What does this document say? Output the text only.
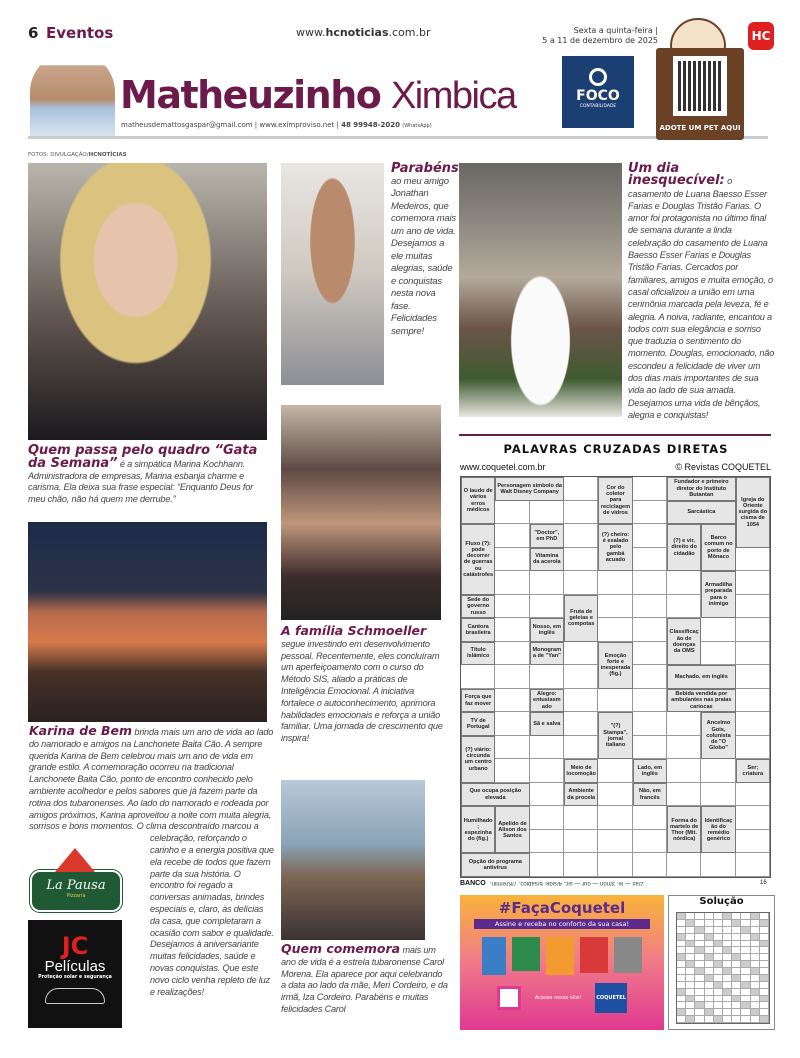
6 Eventos	www.hcnoticias.com.br	Sexta a quinta-feira |
5 a 11 de dezembro de 2025	HC
Matheuzinho Ximbica
matheusdemattosgaspar@gmail.com | www.eximproviso.net | 48 99948-2020 (WhatsApp)
FOCO
CONTABILIDADE
ADOTE UM PET AQUI
FOTOS: DIVULGAÇÃO/HCNOTÍCIAS
Quem passa pelo quadro “Gata da Semana” é a simpática Marina Kochhann. Administradora de empresas, Marina esbanja charme e carisma. Ela deixa sua frase especial: “Enquanto Deus for meu chão, não há quem me derrube.”
La Pausa
Pizzaria
JC
Películas
Proteção solar e segurança
Karina de Bem brinda mais um ano de vida ao lado do namorado e amigos na Lanchonete Baita Cão. A sempre querida Karina de Bem celebrou mais um ano de vida em grande estilo. A comemoração ocorreu na tradicional Lanchonete Baita Cão, ponto de encontro conhecido pelo ambiente acolhedor e pelos sabores que já fazem parte da rotina dos tubaronenses. Ao lado do namorado e rodeada por amigos próximos, Karina aproveitou a noite com muita alegria, sorrisos e bons momentos. O clima descontraído marcou a celebração, reforçando o carinho e a energia positiva que ela recebe de todos que fazem parte da sua história. O encontro foi regado a conversas animadas, brindes especiais e, claro, às delícias da casa, que completaram a ocasião com sabor e qualidade. Desejamos à aniversariante muitas felicidades, saúde e novas conquistas. Que este novo ciclo venha repleto de luz e realizações!
Parabéns
ao meu amigo Jonathan Medeiros, que comemora mais um ano de vida. Desejamos a ele muitas alegrias, saúde e conquistas nesta nova fase. Felicidades sempre!
A família Schmoeller segue investindo em desenvolvimento pessoal. Recentemente, eles concluíram um aperfeiçoamento com o curso do Método SIS, aliado a práticas de Inteligência Emocional. A iniciativa fortalece o autoconhecimento, aprimora habilidades emocionais e reforça a união familiar. Uma jornada de crescimento que inspira!
Quem comemora mais um ano de vida é a estrela tubaronense Carol Morena. Ela aparece por aqui celebrando a data ao lado da mãe, Meri Cordeiro, e da irmã, Iza Cordeiro. Parabéns e muitas felicidades Carol
Um dia inesquecível: o casamento de Luana Baesso Esser Farias e Douglas Tristão Farias. O amor foi protagonista no último final de semana durante a linda celebração do casamento de Luana Baesso Esser Farias e Douglas Tristão Farias. Cercados por familiares, amigos e muita emoção, o casal oficializou a união em uma cerimônia marcada pela leveza, fé e alegria. A noiva, radiante, encantou a todos com sua elegância e sorriso que traduzia o sentimento do momento. Douglas, emocionado, não escondeu a felicidade de viver um dos dias mais importantes de sua vida ao lado de sua amada. Desejamos uma vida de bênçãos, alegria e conquistas!
PALAVRAS CRUZADAS DIRETAS
www.coquetel.com.br	© Revistas COQUETEL
O laudo de vários erros médicos
Personagem símbolo da Walt Disney Company
Cor do coletor para reciclagem de vidros
Fundador e primeiro diretor do Instituto Butantan
Sarcástica
Igreja do Oriente surgida do cisma de 1054
Fluxo (?): pode decorrer de guerras ou catástrofes
"Doctor", em PhD
Vitamina da acerola
(?) cheiro: é exalado pelo gambá acuado
(?) e vir, direito do cidadão
Barco comum no porto de Mônaco
Armadilha preparada para o inimigo
Sede do governo russo	Fruta de geleias e compotas
Cantora brasileira
Título islâmico
Nosso, em inglês
Monograma de "Yan"
Classificação de doenças da OMS
Emoção forte e inesperada (fig.)	Machado, em inglês
Bebida vendida por ambulantes nas praias cariocas
Força que faz mover
TV de Portugal
Alegro: entusiasmado
Sã e salva
(?) viário: circunda um centro urbano
"(?) Stampa", jornal italiano
Ancelmo Gois, colunista de "O Globo"
Meio de locomoção
Ambiente da procela
Lado, em inglês
Não, em francês
Ser; criatura
Que ocupa posição elevada
Humilhado; espezinhado (fig.)
Apelido de Alison dos Santos
Opção do programa antivírus
Forma do martelo de Thor (Mit. nórdica)
Identificação do remédio genérico
BANCO 2/ax — le. 3/non — our — sic. 4/side. 6/sabico. 7/Kremlin.	16
#FaçaCoquetel
Assine e receba no conforto da sua casa!
Acesse nosso site!	COQUETEL
Solução
